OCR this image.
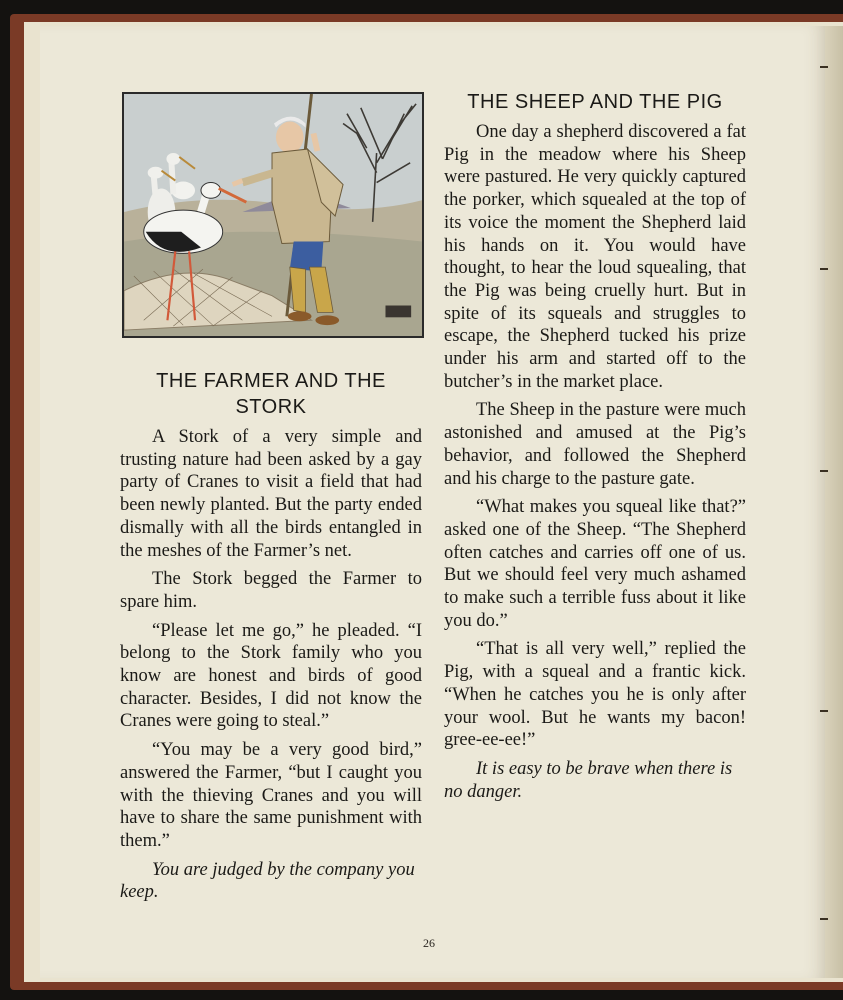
THE FARMER AND THE STORK

A Stork of a very simple and trusting nature had been asked by a gay party of Cranes to visit a field that had been newly planted. But the party ended dismally with all the birds entangled in the meshes of the Farmer’s net.

The Stork begged the Farmer to spare him.

“Please let me go,” he pleaded. “I belong to the Stork family who you know are honest and birds of good character. Besides, I did not know the Cranes were going to steal.”

“You may be a very good bird,” answered the Farmer, “but I caught you with the thieving Cranes and you will have to share the same punishment with them.”

You are judged by the company you keep.

THE SHEEP AND THE PIG

One day a shepherd discovered a fat Pig in the meadow where his Sheep were pastured. He very quickly captured the porker, which squealed at the top of its voice the moment the Shepherd laid his hands on it. You would have thought, to hear the loud squealing, that the Pig was being cruelly hurt. But in spite of its squeals and struggles to escape, the Shepherd tucked his prize under his arm and started off to the butcher’s in the market place.

The Sheep in the pasture were much astonished and amused at the Pig’s behavior, and followed the Shepherd and his charge to the pasture gate.

“What makes you squeal like that?” asked one of the Sheep. “The Shepherd often catches and carries off one of us. But we should feel very much ashamed to make such a terrible fuss about it like you do.”

“That is all very well,” replied the Pig, with a squeal and a frantic kick. “When he catches you he is only after your wool. But he wants my bacon! gree-ee-ee!”

It is easy to be brave when there is no danger.

26
